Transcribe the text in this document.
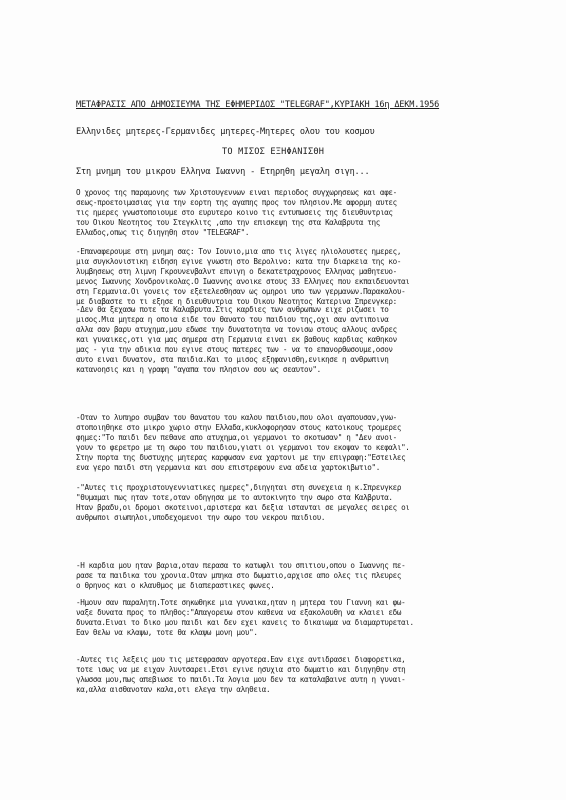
ΜΕΤΑΦΡΑΣΙΣ ΑΠΟ ΔΗΜΟΣΙΕΥΜΑ ΤΗΣ ΕΦΗΜΕΡΙΔΟΣ "TELEGRAF",ΚΥΡΙΑΚΗ 16η ΔΕΚΜ.1956
Ελληνιδες μητερες-Γερμανιδες μητερες-Μητερες ολου του κοσμου
ΤΟ ΜΙΣΟΣ ΕΞΗΦΑΝΙΣΘΗ
Στη μνημη του μικρου Ελληνα Ιωαννη - Ετηρηθη μεγαλη σιγη...
Ο χρονος της παραμονης των Χριστουγεννων ειναι περιοδος συγχωρησεως και αφε-
σεως-προετοιμασιας για την εορτη της αγαπης προς τον πλησιον.Με αφορμη αυτες
τις ημερες γνωστοποιουμε στο ευρυτερο κοινο τις εντυπωσεις της διευθυντριας
του Οικου Νεοτητος του Στεγκλιτς ,απο την επισκεψη της στα Καλαβρυτα της
Ελλαδος,οπως τις διηγηθη στον "TELEGRAF".
-Επαναφερουμε στη μνημη σας: Τον Ιουνιο,μια απο τις λιγες ηλιολουστες ημερες,
μια συγκλονιστικη ειδηση εγινε γνωστη στο Βερολινο: κατα την διαρκεια της κο-
λυμβησεως στη λιμνη Γκρουνενβαλντ επνιγη ο δεκατετραχρονος Ελληνας μαθητευο-
μενος Ιωαννης Χονδρονικολας.Ο Ιωαννης ανοικε στους 33 Ελληνες που εκπαιδευονται
στη Γερμανια.Οι γονεις τον εξετελεσθησαν ως ομηροι υπο των γερμανων.Παρακαλου-
με διαβαστε το τι εξησε η διευθυντρια του Οικου Νεοτητος Κατερινα Σπρενγκερ:
-Δεν θα ξεχασω ποτε τα Καλαβρυτα.Στις καρδιες των ανθρωπων ειχε ριζωσει το
μισος.Μια μητερα η οποια ειδε τον θανατο του παιδιου της,οχι σαν αντιποινα
αλλα σαν βαρυ ατυχημα,μου εδωσε την δυνατοτητα να τονισω στους αλλους ανδρες
και γυναικες,οτι για μας σημερα στη Γερμανια ειναι εκ βαθους καρδιας καθηκον
μας - για την αδικια που εγινε στους πατερες των - να το επανορθωσουμε,οσον
αυτο ειναι δυνατον, στα παιδια.Και το μισος εξηφανισθη,ενικησε η ανθρωπινη
κατανοησις και η γραφη "αγαπα τον πλησιον σου ως σεαυτον".
-Οταν το λυπηρο συμβαν του θανατου του καλου παιδιου,που ολοι αγαπουσαν,γνω-
στοποιηθηκε στο μικρο χωριο στην Ελλαδα,κυκλοφορησαν στους κατοικους τρομερες
φημες:"Το παιδι δεν πεθανε απο ατυχημα,οι γερμανοι το σκοτωσαν" η "Δεν ανοι-
γουν το φερετρο με τη σωρο του παιδιου,γιατι οι γερμανοι τον εκοψαν το κεφαλι".
Στην πορτα της δυστυχης μητερας καρφωσαν ενα χαρτονι με την επιγραφη:"Εστειλες
ενα γερο παιδι στη γερμανια και σου επιστρεφουν ενα αδεια χαρτοκιβωτιο".
-"Αυτες τις προχριστουγεννιατικες ημερες",διηγηται στη συνεχεια η κ.Σπρενγκερ
"θυμαμαι πως ηταν τοτε,οταν οδηγησα με το αυτοκινητο την σωρο στα Καλβρυτα.
Ηταν βραδυ,οι δρομοι σκοτεινοι,αριστερα και δεξια ιστανται σε μεγαλες σειρες οι
ανθρωποι σιωπηλοι,υποδεχομενοι την σωρο του νεκρου παιδιου.
-Η καρδια μου ηταν βαρια,οταν περασα το κατωφλι του σπιτιου,οπου ο Ιωαννης πε-
ρασε τα παιδικα του χρονια.Οταν μπηκα στο δωματιο,αρχισε απο ολες τις πλευρες
ο θρηνος και ο κλαυθμος με διαπεραστικες φωνες.
-Ημουν σαν παραλητη.Τοτε σηκωθηκε μια γυναικα,ηταν η μητερα του Γιαννη και φω-
ναξε δυνατα προς το πληθος:"Απαγορευω στον καθενα να εξακολουθη να κλαιει εδω
δυνατα.Ειναι το δικο μου παιδι και δεν εχει κανεις το δικαιωμα να διαμαρτυρεται.
Εαν θελω να κλαψω, τοτε θα κλαψω μονη μου".
-Αυτες τις λεξεις μου τις μετεφρασαν αργοτερα.Εαν ειχε αντιδρασει διαφορετικα,
τοτε ισως να με ειχαν λυντσαρει.Ετσι εγινε ησυχια στο δωματιο και διηγηθην στη
γλωσσα μου,πως απεβιωσε το παιδι.Τα λογια μου δεν τα καταλαβαινε αυτη η γυναι-
κα,αλλα αισθανοταν καλα,οτι ελεγα την αληθεια.
